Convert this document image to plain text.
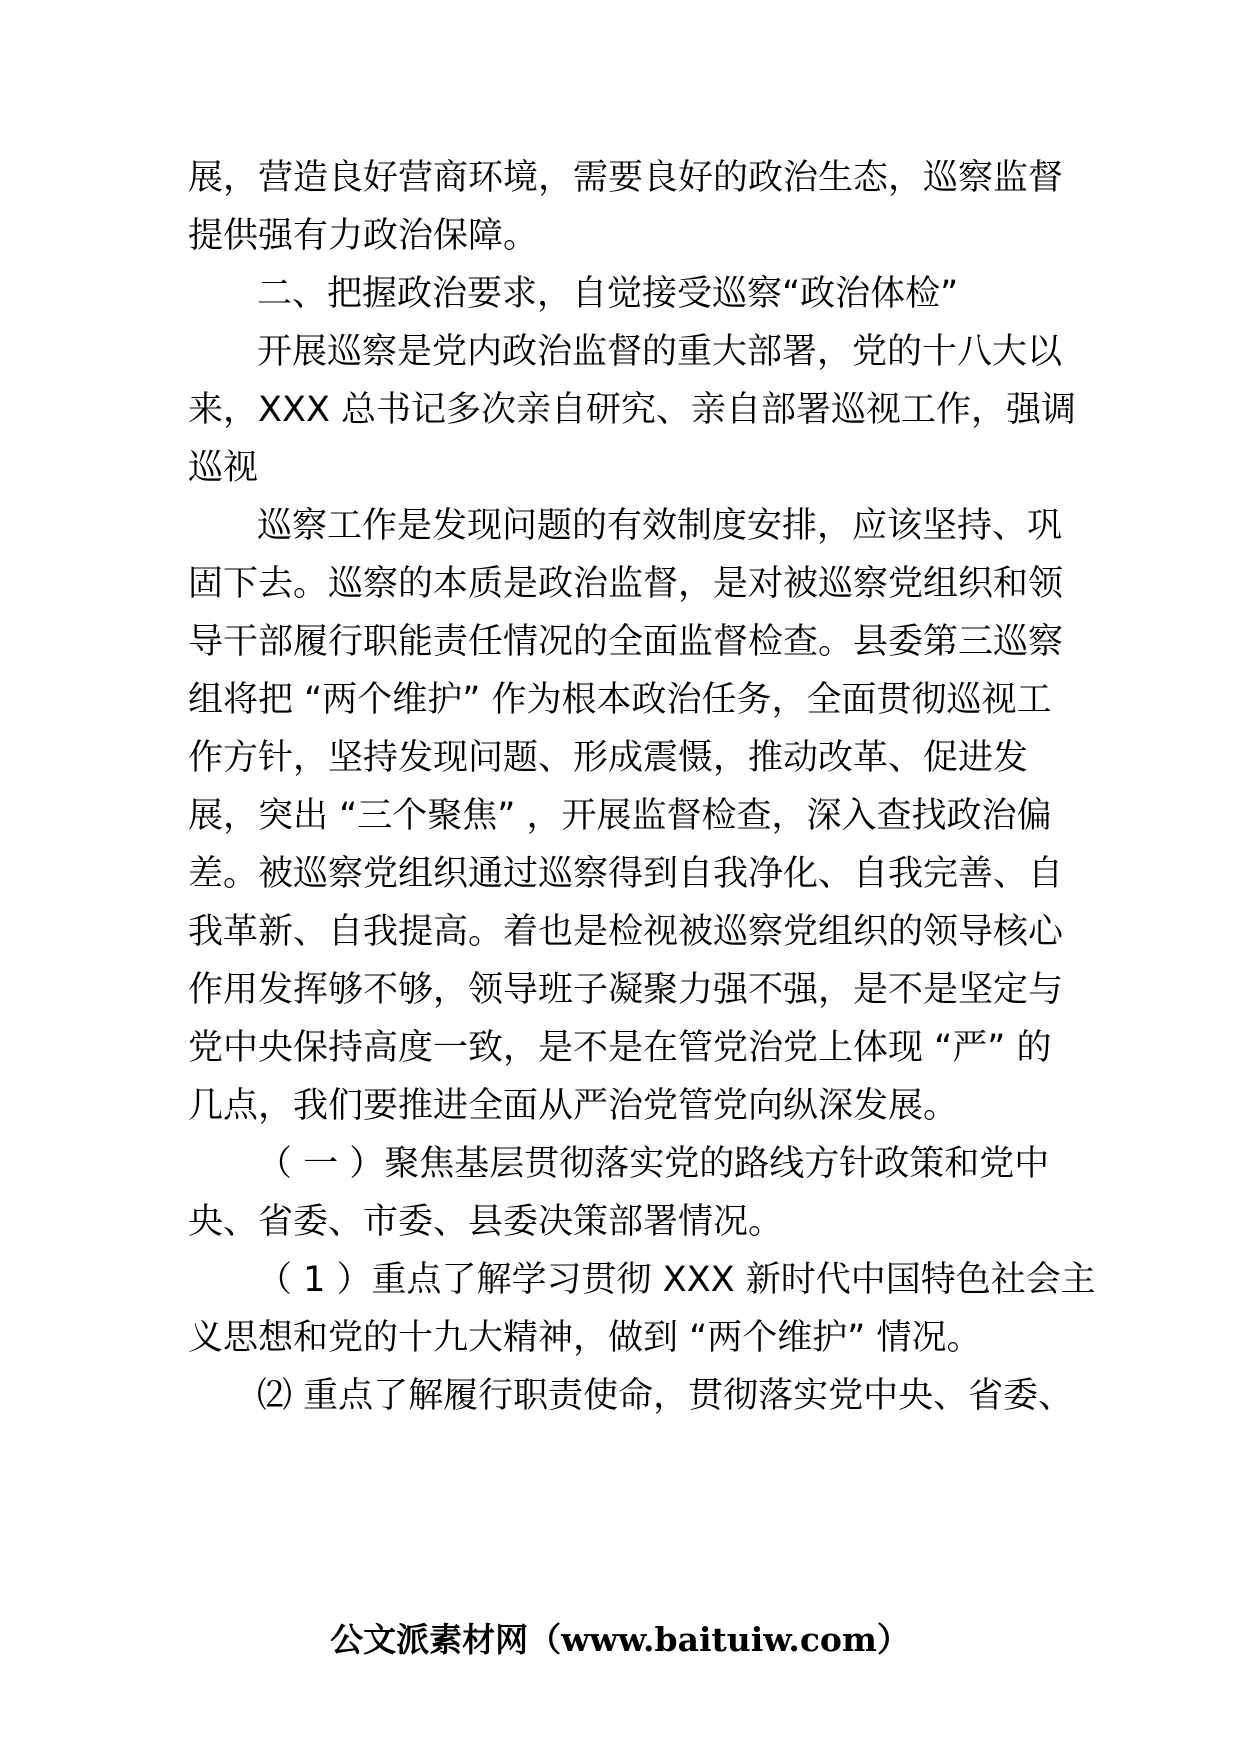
展，营造良好营商环境，需要良好的政治生态，巡察监督
提供强有力政治保障。
二、把握政治要求，自觉接受巡察“政治体检”
开展巡察是党内政治监督的重大部署，党的十八大以
来，XXX 总书记多次亲自研究、亲自部署巡视工作，强调
巡视
巡察工作是发现问题的有效制度安排，应该坚持、巩
固下去。巡察的本质是政治监督，是对被巡察党组织和领
导干部履行职能责任情况的全面监督检查。县委第三巡察
组将把 “两个维护” 作为根本政治任务，全面贯彻巡视工
作方针，坚持发现问题、形成震慑，推动改革、促进发
展，突出 “三个聚焦” ，开展监督检查，深入查找政治偏
差。被巡察党组织通过巡察得到自我净化、自我完善、自
我革新、自我提高。着也是检视被巡察党组织的领导核心
作用发挥够不够，领导班子凝聚力强不强，是不是坚定与
党中央保持高度一致，是不是在管党治党上体现 “严” 的
几点，我们要推进全面从严治党管党向纵深发展。
（ 一 ）聚焦基层贯彻落实党的路线方针政策和党中
央、省委、市委、县委决策部署情况。
（ 1 ）重点了解学习贯彻 XXX 新时代中国特色社会主
义思想和党的十九大精神，做到 “两个维护” 情况。
⑵ 重点了解履行职责使命，贯彻落实党中央、省委、
公文派素材网（www.baituiw.com）
